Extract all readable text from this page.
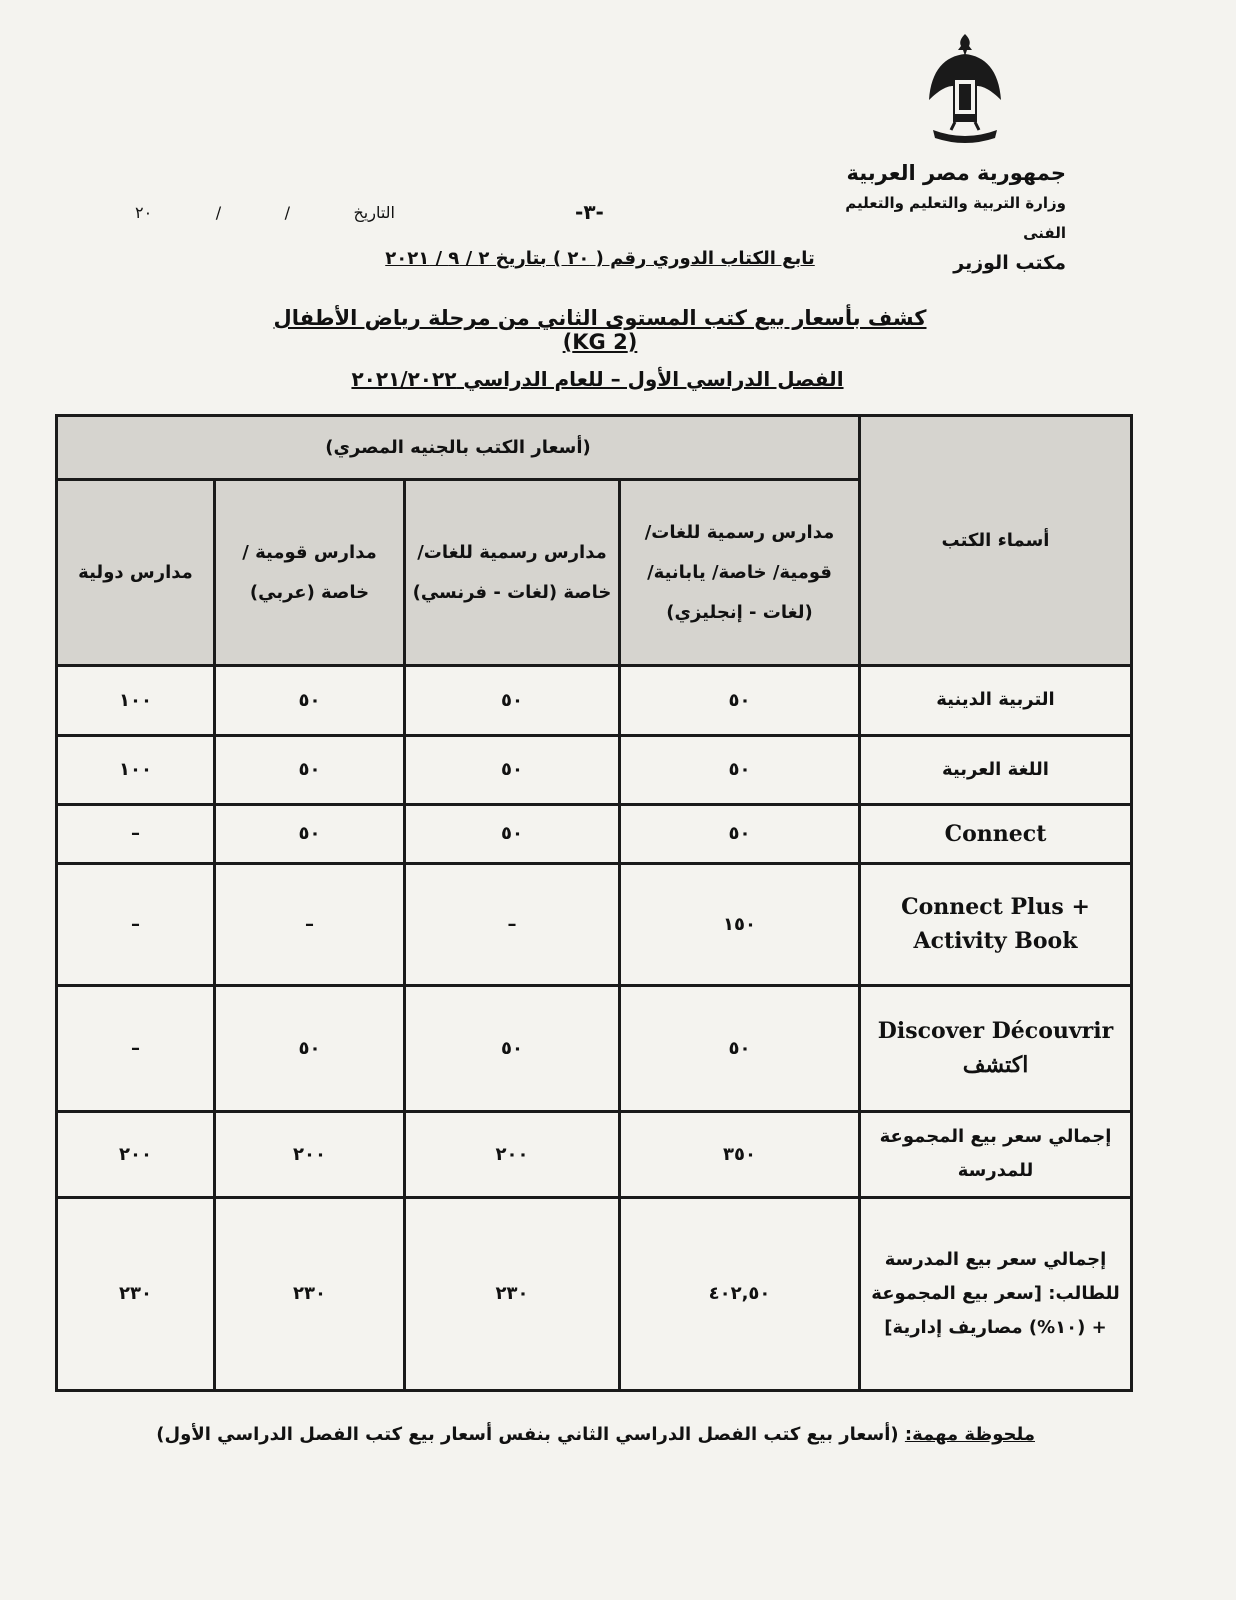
جمهورية مصر العربية
وزارة التربية والتعليم والتعليم الفنى
مكتب الوزير
-٣-
التاريخ
/
/
٢٠
تابع الكتاب الدوري رقم ( ٢٠ ) بتاريخ ٢ / ٩ / ٢٠٢١
كشف بأسعار بيع كتب المستوى الثاني من مرحلة رياض الأطفال (KG 2)
الفصل الدراسي الأول – للعام الدراسي ٢٠٢١/٢٠٢٢
أسماء الكتب	(أسعار الكتب بالجنيه المصري)			
	مدارس رسمية للغات/ قومية/ خاصة/ يابانية/ (لغات - إنجليزي)	مدارس رسمية للغات/ خاصة (لغات - فرنسي)	مدارس قومية / خاصة (عربي)	مدارس دولية
التربية الدينية	٥٠	٥٠	٥٠	١٠٠
اللغة العربية	٥٠	٥٠	٥٠	١٠٠
Connect	٥٠	٥٠	٥٠	–
Connect Plus + Activity Book	١٥٠	–	–	–
Discover Découvrir اكتشف	٥٠	٥٠	٥٠	–
إجمالي سعر بيع المجموعة للمدرسة	٣٥٠	٢٠٠	٢٠٠	٢٠٠
إجمالي سعر بيع المدرسة للطالب: [سعر بيع المجموعة + (١٠%) مصاريف إدارية]	٤٠٢,٥٠	٢٣٠	٢٣٠	٢٣٠
ملحوظة مهمة: (أسعار بيع كتب الفصل الدراسي الثاني بنفس أسعار بيع كتب الفصل الدراسي الأول)
